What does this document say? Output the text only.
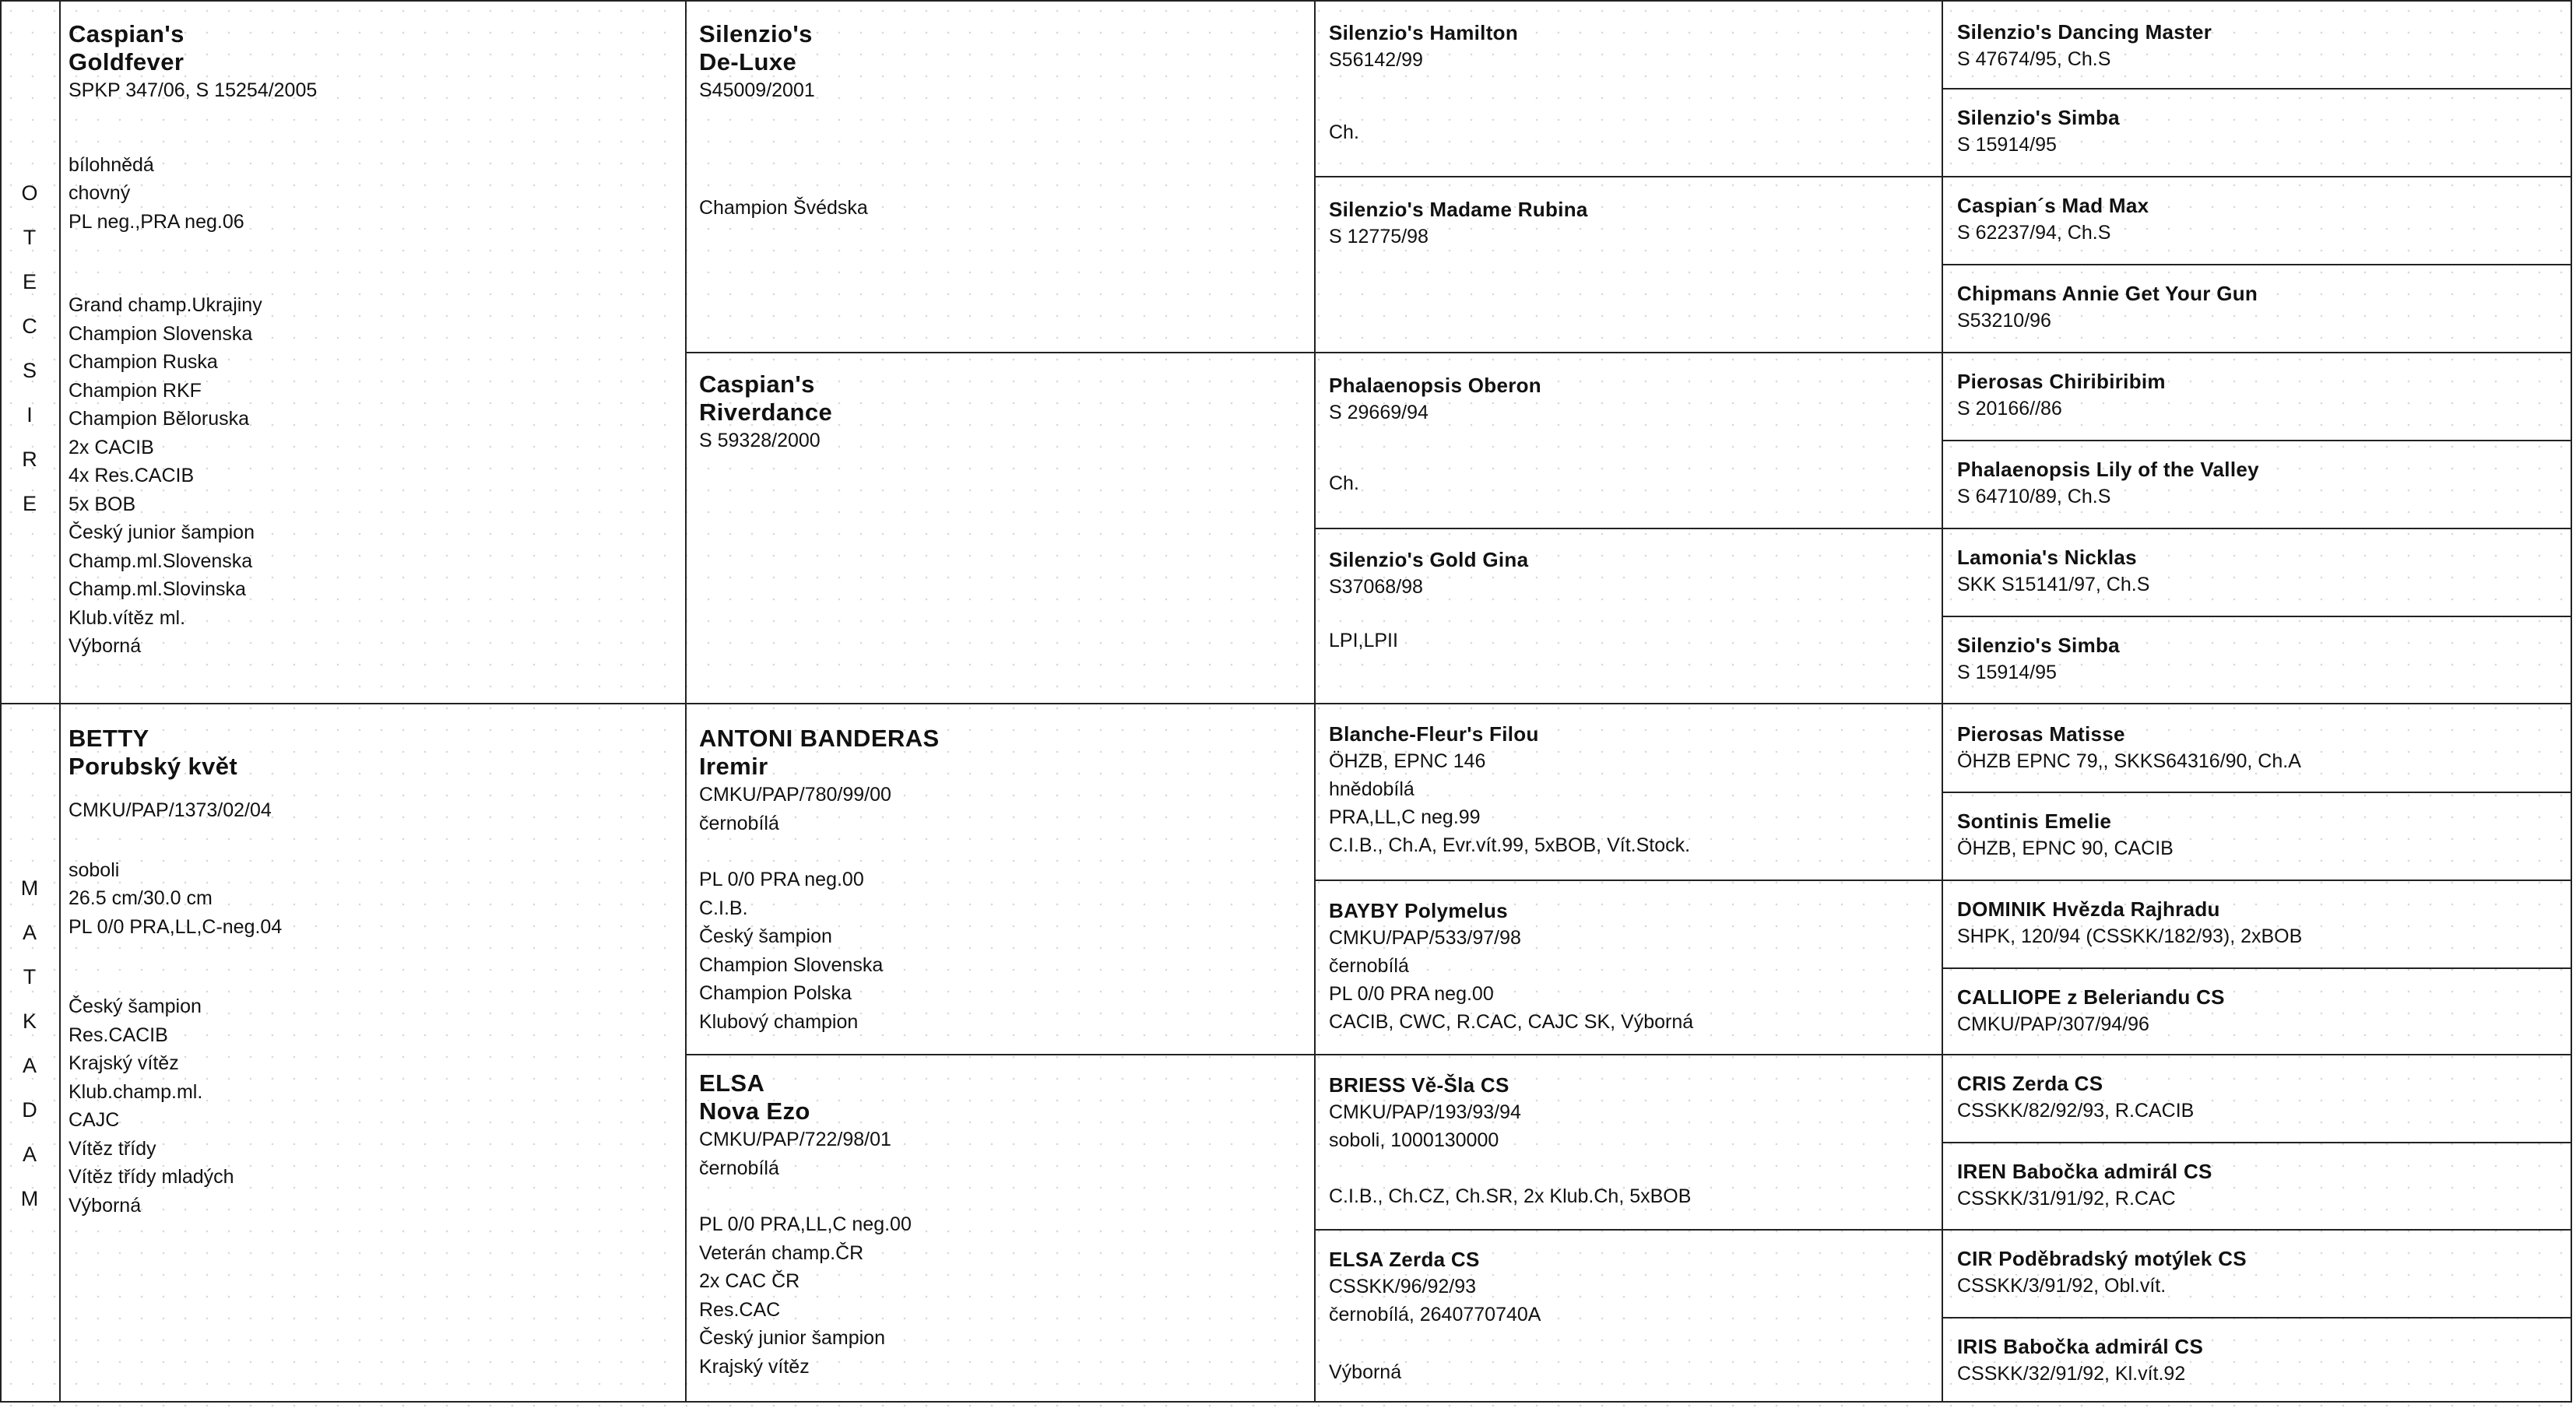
O
T
E
C
S
I
R
E
M
A
T
K
A
D
A
M
Caspian's
Goldfever
SPKP 347/06, S 15254/2005
bílohnědá
chovný
PL neg.,PRA neg.06
Grand champ.Ukrajiny
Champion Slovenska
Champion Ruska
Champion RKF
Champion Běloruska
2x CACIB
4x Res.CACIB
5x BOB
Český junior šampion
Champ.ml.Slovenska
Champ.ml.Slovinska
Klub.vítěz ml.
Výborná
BETTY
Porubský květ
CMKU/PAP/1373/02/04
soboli
26.5 cm/30.0 cm
PL 0/0 PRA,LL,C-neg.04
Český šampion
Res.CACIB
Krajský vítěz
Klub.champ.ml.
CAJC
Vítěz třídy
Vítěz třídy mladých
Výborná
Silenzio's
De-Luxe
S45009/2001
Champion Švédska
Caspian's
Riverdance
S 59328/2000
ANTONI BANDERAS
Iremir
CMKU/PAP/780/99/00
černobílá
PL 0/0 PRA neg.00
C.I.B.
Český šampion
Champion Slovenska
Champion Polska
Klubový champion
ELSA
Nova Ezo
CMKU/PAP/722/98/01
černobílá
PL 0/0 PRA,LL,C neg.00
Veterán champ.ČR
2x CAC ČR
Res.CAC
Český junior šampion
Krajský vítěz
Silenzio's Hamilton
S56142/99
Ch.
Silenzio's Madame Rubina
S 12775/98
Phalaenopsis Oberon
S 29669/94
Ch.
Silenzio's Gold Gina
S37068/98
LPI,LPII
Blanche-Fleur's Filou
ÖHZB, EPNC 146
hnědobílá
PRA,LL,C neg.99
C.I.B., Ch.A, Evr.vít.99, 5xBOB, Vít.Stock.
BAYBY Polymelus
CMKU/PAP/533/97/98
černobílá
PL 0/0 PRA neg.00
CACIB, CWC, R.CAC, CAJC SK, Výborná
BRIESS Vě-Šla CS
CMKU/PAP/193/93/94
soboli, 1000130000
C.I.B., Ch.CZ, Ch.SR, 2x Klub.Ch, 5xBOB
ELSA Zerda CS
CSSKK/96/92/93
černobílá, 2640770740A
Výborná
Silenzio's Dancing Master
S 47674/95, Ch.S
Silenzio's Simba
S 15914/95
Caspian´s Mad Max
S 62237/94, Ch.S
Chipmans Annie Get Your Gun
S53210/96
Pierosas Chiribiribim
S 20166//86
Phalaenopsis Lily of the Valley
S 64710/89, Ch.S
Lamonia's Nicklas
SKK S15141/97, Ch.S
Silenzio's Simba
S 15914/95
Pierosas Matisse
ÖHZB EPNC 79,, SKKS64316/90, Ch.A
Sontinis Emelie
ÖHZB, EPNC 90, CACIB
DOMINIK Hvězda Rajhradu
SHPK, 120/94 (CSSKK/182/93), 2xBOB
CALLIOPE z Beleriandu CS
CMKU/PAP/307/94/96
CRIS Zerda CS
CSSKK/82/92/93, R.CACIB
IREN Babočka admirál CS
CSSKK/31/91/92, R.CAC
CIR Poděbradský motýlek CS
CSSKK/3/91/92, Obl.vít.
IRIS Babočka admirál CS
CSSKK/32/91/92, Kl.vít.92
